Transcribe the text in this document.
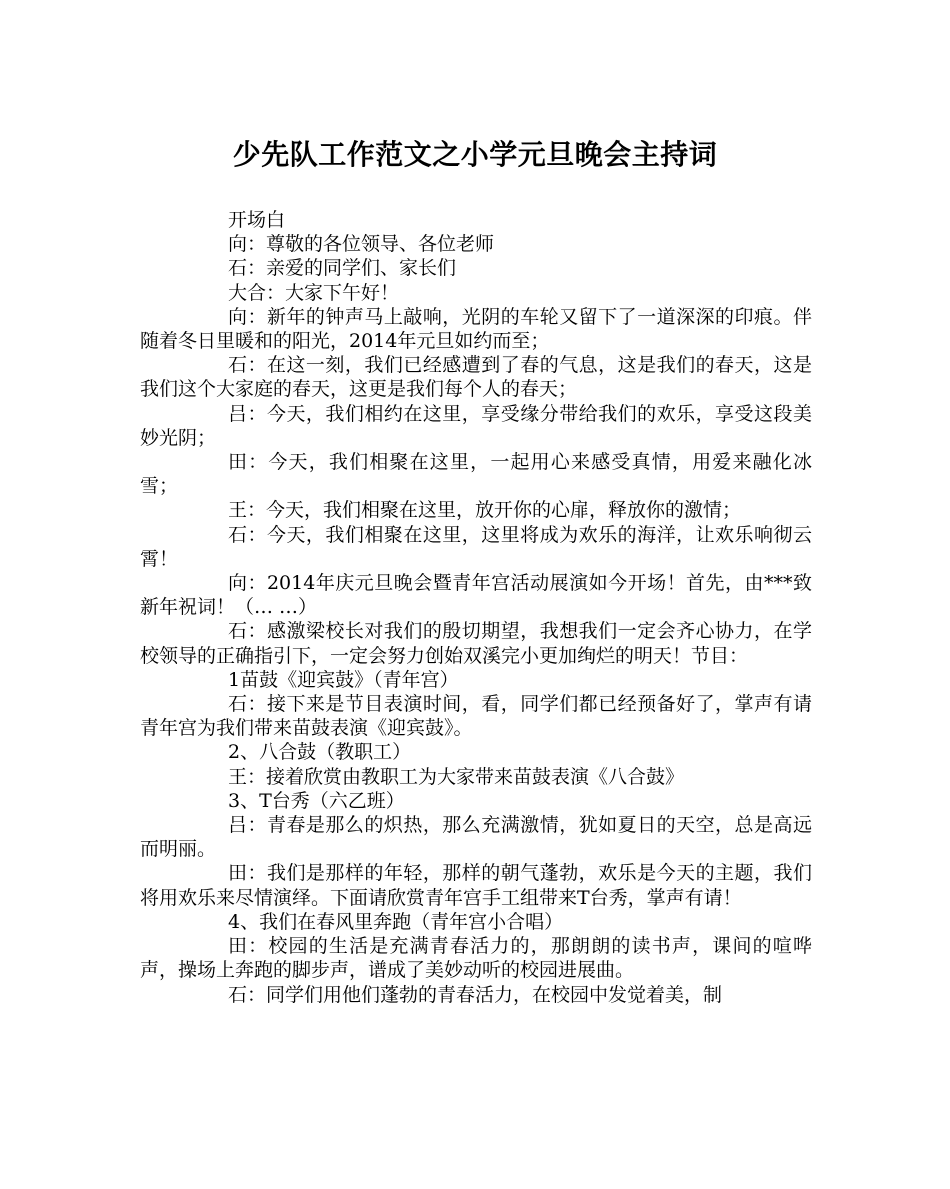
少先队工作范文之小学元旦晚会主持词

开场白

向：尊敬的各位领导、各位老师

石：亲爱的同学们、家长们

大合：大家下午好！

向：新年的钟声马上敲响，光阴的车轮又留下了一道深深的印痕。伴随着冬日里暖和的阳光，2014年元旦如约而至；

石：在这一刻，我们已经感遭到了春的气息，这是我们的春天，这是我们这个大家庭的春天，这更是我们每个人的春天；

吕：今天，我们相约在这里，享受缘分带给我们的欢乐，享受这段美妙光阴；

田：今天，我们相聚在这里，一起用心来感受真情，用爱来融化冰雪；

王：今天，我们相聚在这里，放开你的心扉，释放你的激情；

石：今天，我们相聚在这里，这里将成为欢乐的海洋，让欢乐响彻云霄！

向：2014年庆元旦晚会暨青年宫活动展演如今开场！首先，由***致新年祝词！（… …）

石：感激梁校长对我们的殷切期望，我想我们一定会齐心协力，在学校领导的正确指引下，一定会努力创始双溪完小更加绚烂的明天！节目：

1苗鼓《迎宾鼓》（青年宫）

石：接下来是节目表演时间，看，同学们都已经预备好了，掌声有请青年宫为我们带来苗鼓表演《迎宾鼓》。

2、八合鼓（教职工）

王：接着欣赏由教职工为大家带来苗鼓表演《八合鼓》

3、T台秀（六乙班）

吕：青春是那么的炽热，那么充满激情，犹如夏日的天空，总是高远而明丽。

田：我们是那样的年轻，那样的朝气蓬勃，欢乐是今天的主题，我们将用欢乐来尽情演绎。下面请欣赏青年宫手工组带来T台秀，掌声有请！

4、我们在春风里奔跑（青年宫小合唱）

田：校园的生活是充满青春活力的，那朗朗的读书声，课间的喧哗声，操场上奔跑的脚步声，谱成了美妙动听的校园进展曲。

石：同学们用他们蓬勃的青春活力，在校园中发觉着美，制
